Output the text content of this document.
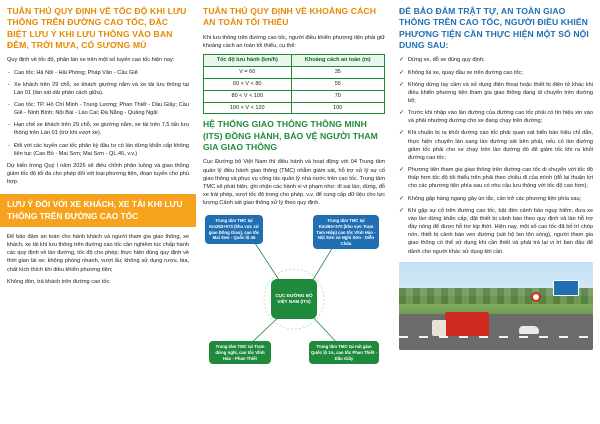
TUÂN THỦ QUY ĐỊNH VỀ TỐC ĐỘ KHI LƯU THÔNG TRÊN ĐƯỜNG CAO TỐC, ĐẶC BIỆT LƯU Ý KHI LƯU THÔNG VÀO BAN ĐÊM, TRỜI MƯA, CÓ SƯƠNG MÙ

Quy định về tốc độ, phân làn xe trên một số tuyến cao tốc hiện nay:

- Cao tốc: Hà Nội - Hải Phòng; Pháp Vân - Cầu Giẽ
- Xe khách trên 29 chỗ, xe khách giường nằm và xe tải lưu thông tại Làn 01 (làn sát dải phân cách giữa).
- Cao tốc: TP. Hồ Chí Minh - Trung Lương; Phan Thiết - Dầu Giây; Cầu Giẽ - Ninh Bình; Nội Bài - Lào Cai; Đà Nẵng - Quảng Ngãi
- Hạn chế xe khách trên 29 chỗ, xe giường nằm, xe tải trên 7,5 tấn lưu thông trên Làn 01 (trừ khi vượt xe).
- Đối với các tuyến cao tốc phân kỳ đầu tư có làn dừng khẩn cấp không liên tục (Cao Bồ - Mai Sơn; Mai Sơn - QL.45, v.v.)

Dự kiến trong Quý I năm 2026 sẽ điều chỉnh phân luồng và giao thông giảm tốc độ tối đa cho phép đối với loại phương tiện, đoạn tuyến cho phù hợp.

LƯU Ý ĐỐI VỚI XE KHÁCH, XE TẢI KHI LƯU THÔNG TRÊN ĐƯỜNG CAO TỐC

Để bảo đảm an toàn cho hành khách và người tham gia giao thông, xe khách, xe tải khi lưu thông trên đường cao tốc cần nghiêm túc chấp hành các quy định về làn đường, tốc độ cho phép; thực hiện đúng quy định về thời gian lái xe; không phóng nhanh, vượt ẩu; không sử dụng rượu, bia, chất kích thích khi điều khiển phương tiện;

Không đón, trả khách trên đường cao tốc.

TUÂN THỦ QUY ĐỊNH VỀ KHOẢNG CÁCH AN TOÀN TỐI THIỂU

Khi lưu thông trên đường cao tốc, người điều khiển phương tiện phải giữ khoảng cách an toàn tối thiểu, cụ thể:

Tốc độ lưu hành (km/h)	Khoảng cách an toàn (m)
V = 60	35
60 < V < 80	55
80 < V < 100	70
100 < V < 120	100
HỆ THỐNG GIAO THÔNG THÔNG MINH (ITS) ĐỒNG HÀNH, BẢO VỆ NGƯỜI THAM GIA GIAO THÔNG

Cục Đường bộ Việt Nam thì điều hành và hoạt động với 04 Trung tâm quản lý điều hành giao thông (TMC) nhằm giám sát, hỗ trợ xử lý sự cố giao thông và phục vụ công tác quản lý nhà nước trên cao tốc. Trung tâm TMC sẽ phát hiện, ghi nhận các hành vi vi phạm như: đi sai làn, dừng, đỗ xe trái phép, vượt tốc độ trong cho phép, v.v. để cung cấp dữ liệu cho lực lượng Cảnh sát giao thông xử lý theo quy định.

Trung tâm TMC tại Km283+073 (khu vực xử giao Đông Giao), cao tốc Mai Sơn - Quốc lộ 45
Trung tâm TMC tại Km283+370 (khu vực Trạm Tam Hiệp) cao tốc Vĩnh Hảo - Nội Sơn và Nghi Sơn - Diễn Châu
CỤC ĐƯỜNG BỘ VIỆT NAM (ITS)
Trung tâm TMC tại Trạm dừng nghỉ, cao tốc Vĩnh Hảo - Phan Thiết
Trung tâm TMC tại nút giao Quốc lộ 1A, cao tốc Phan Thiết - Dầu Giây
ĐỂ BẢO ĐẢM TRẬT TỰ, AN TOÀN GIAO THÔNG TRÊN CAO TỐC, NGƯỜI ĐIỀU KHIỂN PHƯƠNG TIỆN CẦN THỰC HIỆN MỘT SỐ NỘI DUNG SAU:
✓ Dừng xe, đỗ xe đúng quy định;
✓ Không lùi xe, quay đầu xe trên đường cao tốc;
✓ Không dừng tay cầm và sử dụng điện thoại hoặc thiết bị điện tử khác khi điều khiển phương tiện tham gia giao thông đang di chuyển trên đường bộ;
✓ Trước khi nhập vào làn đường của đường cao tốc phải có tín hiệu xin vào và phải nhường đường cho xe đang chạy trên đường;
✓ Khi chuẩn bị ra khỏi đường cao tốc phải quan sát biển báo hiệu chỉ dẫn, thực hiện chuyển làn sang làn đường sát bên phải, nếu có làn đường giảm tốc phải cho xe chạy trên làn đường đó để giảm tốc khi ra khỏi đường cao tốc;
✓ Phương tiện tham gia giao thông trên đường cao tốc di chuyển với tốc độ thấp hơn tốc độ tối thiểu trên phải theo chiều đi của mình (đỗ lại thuận lợi cho các phương tiện phía sau có nhu cầu lưu thông với tốc độ cao hơn);
✓ Không gặp hàng ngang gây ùn tắc, cản trở các phương tiện phía sau;
✓ Khi gặp sự cố trên đường cao tốc, bật đèn cảnh báo nguy hiểm, đưa xe vào làn dừng khẩn cấp, đặt thiết bị cảnh báo theo quy định và làn hỗ trợ đầy nóng để được hỗ trợ kịp thời. Hiện nay, một số cao tốc đã bố trí chóp nón, thiết bị cảnh báo ven đường (sát hộ lan tôn sóng), người tham gia giao thông có thể sử dụng khi cần thiết và phải trả lại vị trí ban đầu để dành cho người khác sử dụng khi cần.
